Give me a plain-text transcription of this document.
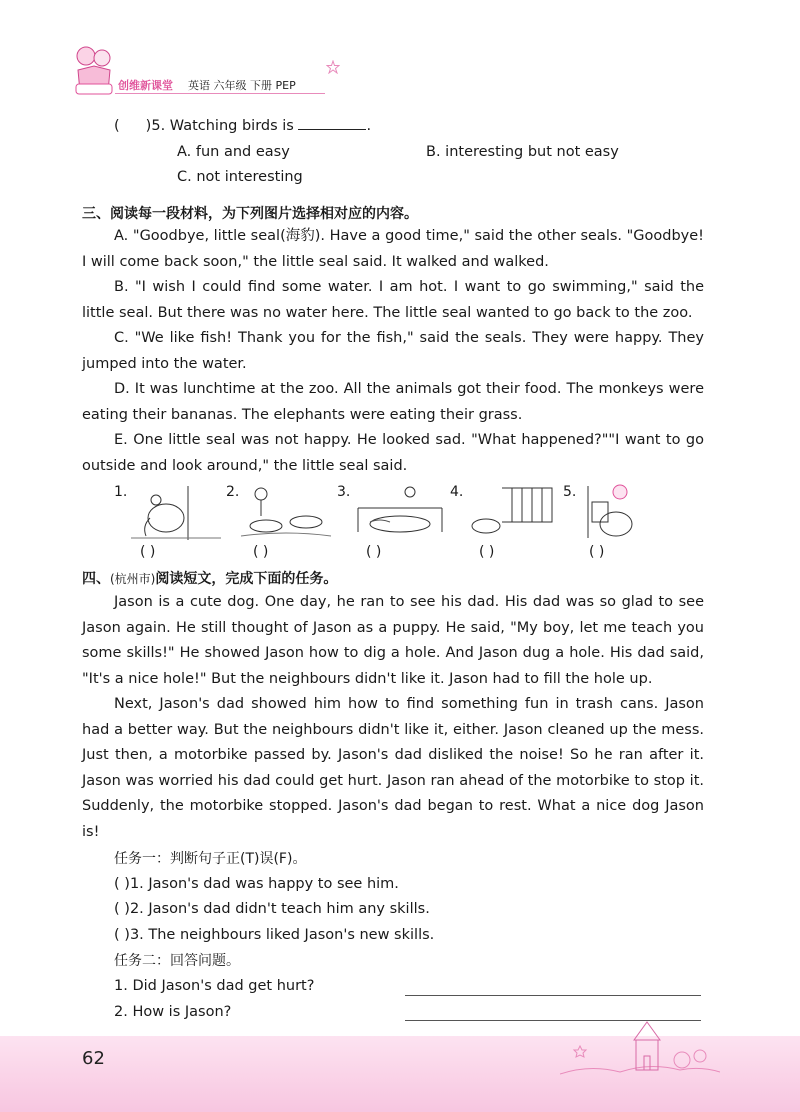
创维新课堂 英语 六年级 下册 PEP
( )5. Watching birds is	.
A. fun and easy	B. interesting but not easy
C. not interesting
三、阅读每一段材料，为下列图片选择相对应的内容。
A. "Goodbye, little seal(海豹). Have a good time," said the other seals. "Goodbye! I will come back soon," the little seal said. It walked and walked.
B. "I wish I could find some water. I am hot. I want to go swimming," said the little seal. But there was no water here. The little seal wanted to go back to the zoo.
C. "We like fish! Thank you for the fish," said the seals. They were happy. They jumped into the water.
D. It was lunchtime at the zoo. All the animals got their food. The monkeys were eating their bananas. The elephants were eating their grass.
E. One little seal was not happy. He looked sad. "What happened?""I want to go outside and look around," the little seal said.
1.
( )
2.
( )
3.
( )
4.
( )
5.
( )
四、(杭州市)阅读短文，完成下面的任务。
Jason is a cute dog. One day, he ran to see his dad. His dad was so glad to see Jason again. He still thought of Jason as a puppy. He said, "My boy, let me teach you some skills!" He showed Jason how to dig a hole. And Jason dug a hole. His dad said, "It's a nice hole!" But the neighbours didn't like it. Jason had to fill the hole up.
Next, Jason's dad showed him how to find something fun in trash cans. Jason had a better way. But the neighbours didn't like it, either. Jason cleaned up the mess. Just then, a motorbike passed by. Jason's dad disliked the noise! So he ran after it. Jason was worried his dad could get hurt. Jason ran ahead of the motorbike to stop it. Suddenly, the motorbike stopped. Jason's dad began to rest. What a nice dog Jason is!
任务一：判断句子正(T)误(F)。
( )1. Jason's dad was happy to see him.
( )2. Jason's dad didn't teach him any skills.
( )3. The neighbours liked Jason's new skills.
任务二：回答问题。
1. Did Jason's dad get hurt?
2. How is Jason?
62
